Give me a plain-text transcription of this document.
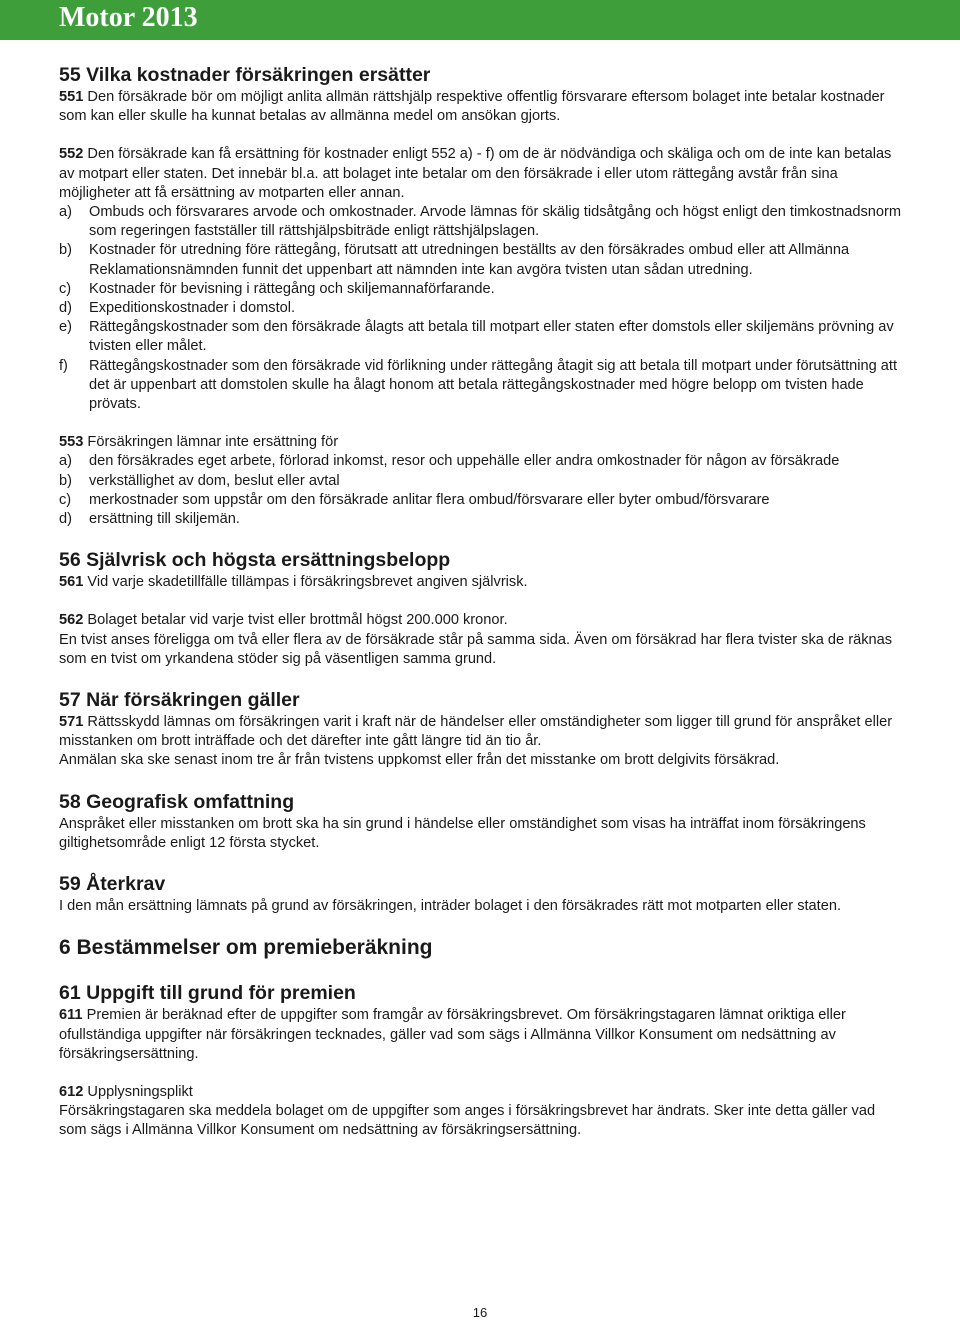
Motor 2013
55 Vilka kostnader försäkringen ersätter

551 Den försäkrade bör om möjligt anlita allmän rättshjälp respektive offentlig försvarare eftersom bolaget inte betalar kostnader som kan eller skulle ha kunnat betalas av allmänna medel om ansökan gjorts.

552 Den försäkrade kan få ersättning för kostnader enligt 552 a) - f) om de är nödvändiga och skäliga och om de inte kan betalas av motpart eller staten. Det innebär bl.a. att bolaget inte betalar om den försäkrade i eller utom rättegång avstår från sina möjligheter att få ersättning av motparten eller annan.

a) Ombuds och försvarares arvode och omkostnader. Arvode lämnas för skälig tidsåtgång och högst enligt den timkostnadsnorm som regeringen fastställer till rättshjälpsbiträde enligt rättshjälpslagen.
b) Kostnader för utredning före rättegång, förutsatt att utredningen beställts av den försäkrades ombud eller att Allmänna Reklamationsnämnden funnit det uppenbart att nämnden inte kan avgöra tvisten utan sådan utredning.
c) Kostnader för bevisning i rättegång och skiljemannaförfarande.
d) Expeditionskostnader i domstol.
e) Rättegångskostnader som den försäkrade ålagts att betala till motpart eller staten efter domstols eller skiljemäns prövning av tvisten eller målet.
f) Rättegångskostnader som den försäkrade vid förlikning under rättegång åtagit sig att betala till motpart under förutsättning att det är uppenbart att domstolen skulle ha ålagt honom att betala rättegångskostnader med högre belopp om tvisten hade prövats.

553 Försäkringen lämnar inte ersättning för

a) den försäkrades eget arbete, förlorad inkomst, resor och uppehälle eller andra omkostnader för någon av försäkrade
b) verkställighet av dom, beslut eller avtal
c) merkostnader som uppstår om den försäkrade anlitar flera ombud/försvarare eller byter ombud/försvarare
d) ersättning till skiljemän.
56 Självrisk och högsta ersättningsbelopp

561 Vid varje skadetillfälle tillämpas i försäkringsbrevet angiven självrisk.

562 Bolaget betalar vid varje tvist eller brottmål högst 200.000 kronor.

En tvist anses föreligga om två eller flera av de försäkrade står på samma sida. Även om försäkrad har flera tvister ska de räknas som en tvist om yrkandena stöder sig på väsentligen samma grund.

57 När försäkringen gäller

571 Rättsskydd lämnas om försäkringen varit i kraft när de händelser eller omständigheter som ligger till grund för anspråket eller misstanken om brott inträffade och det därefter inte gått längre tid än tio år.

Anmälan ska ske senast inom tre år från tvistens uppkomst eller från det misstanke om brott delgivits försäkrad.

58 Geografisk omfattning

Anspråket eller misstanken om brott ska ha sin grund i händelse eller omständighet som visas ha inträffat inom försäkringens giltighetsområde enligt 12 första stycket.

59 Återkrav

I den mån ersättning lämnats på grund av försäkringen, inträder bolaget i den försäkrades rätt mot motparten eller staten.

6 Bestämmelser om premieberäkning
61 Uppgift till grund för premien

611 Premien är beräknad efter de uppgifter som framgår av försäkringsbrevet. Om försäkringstagaren lämnat oriktiga eller ofullständiga uppgifter när försäkringen tecknades, gäller vad som sägs i Allmänna Villkor Konsument om nedsättning av försäkringsersättning.

612 Upplysningsplikt

Försäkringstagaren ska meddela bolaget om de uppgifter som anges i försäkringsbrevet har ändrats. Sker inte detta gäller vad som sägs i Allmänna Villkor Konsument om nedsättning av försäkringsersättning.

16
